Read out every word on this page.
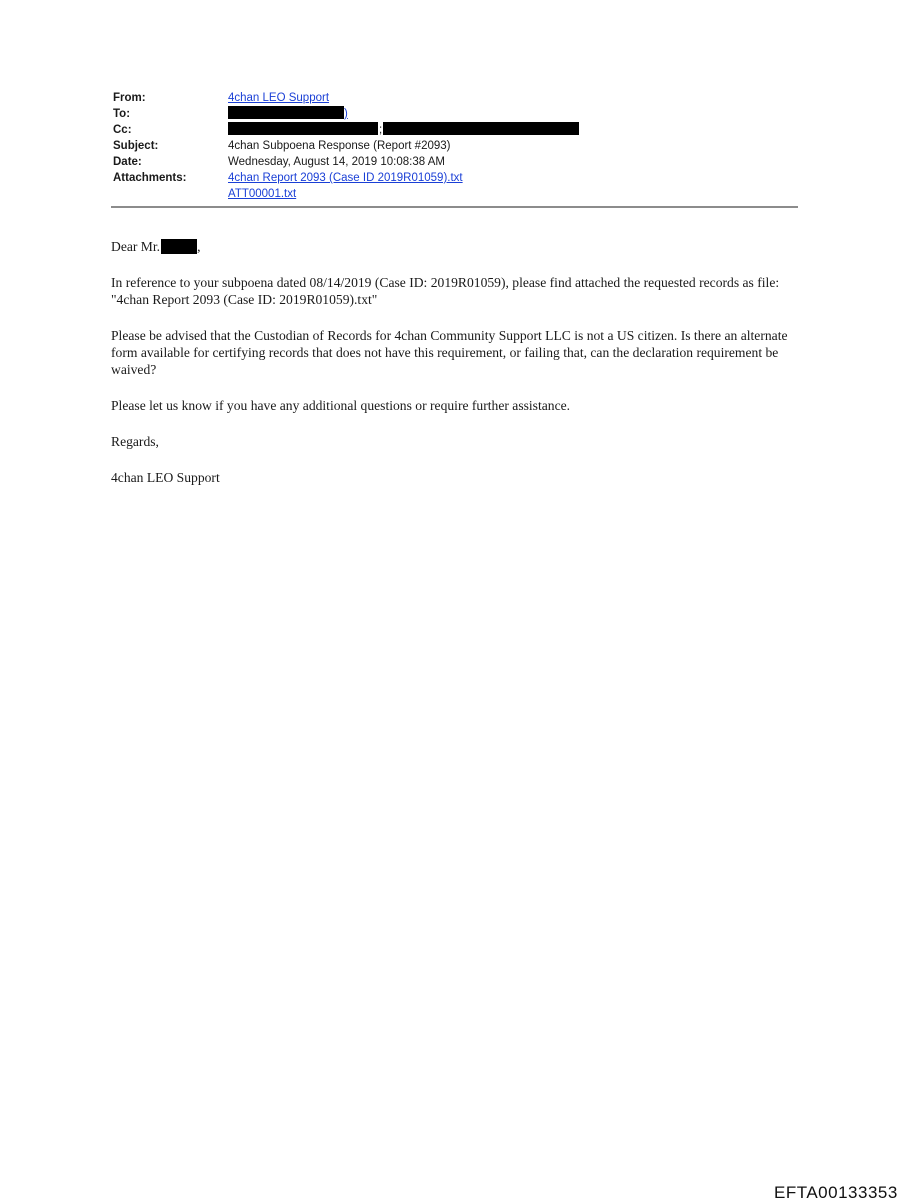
From:	4chan LEO Support
To:	)
Cc:	;
Subject:	4chan Subpoena Response (Report #2093)
Date:	Wednesday, August 14, 2019 10:08:38 AM
Attachments:	4chan Report 2093 (Case ID 2019R01059).txt
ATT00001.txt

Dear Mr.	,

In reference to your subpoena dated 08/14/2019 (Case ID: 2019R01059), please find attached the requested records as file: "4chan Report 2093 (Case ID: 2019R01059).txt"

Please be advised that the Custodian of Records for 4chan Community Support LLC is not a US citizen. Is there an alternate form available for certifying records that does not have this requirement, or failing that, can the declaration requirement be waived?

Please let us know if you have any additional questions or require further assistance.

Regards,

4chan LEO Support

EFTA00133353
